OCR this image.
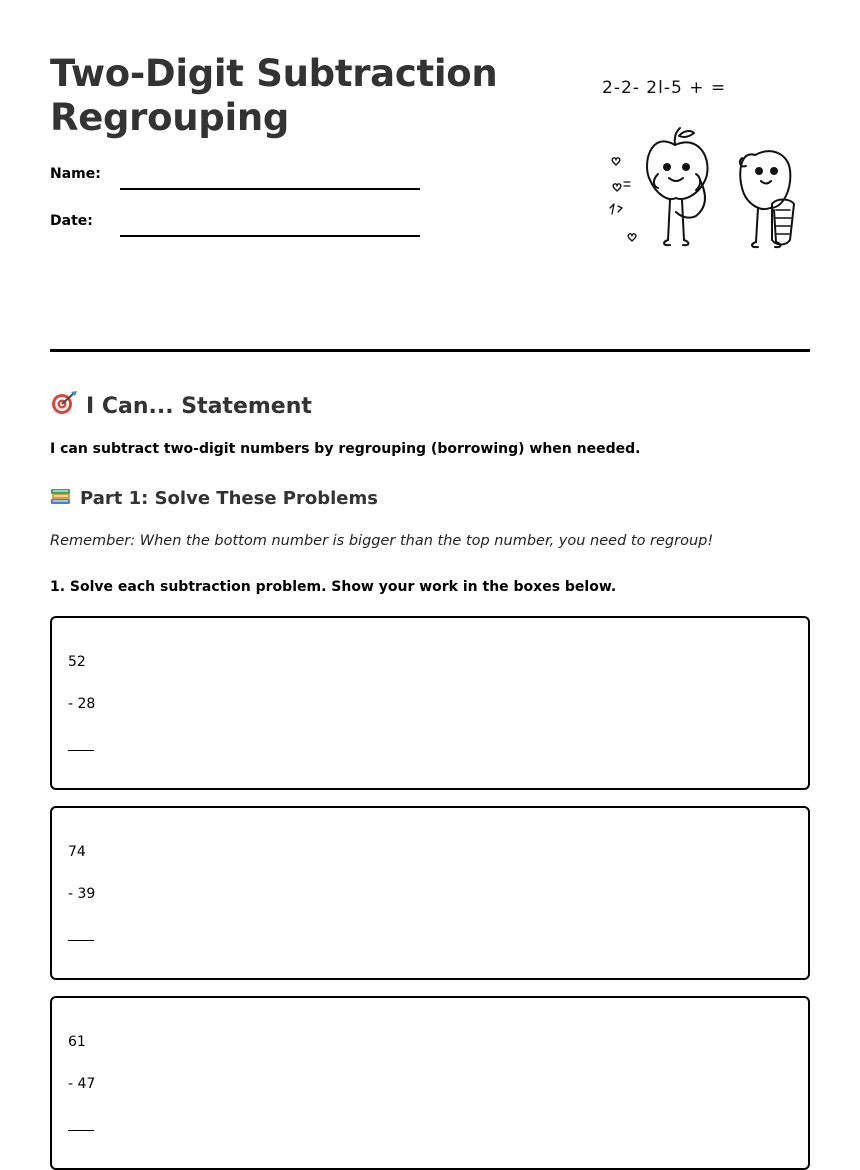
Two-Digit Subtraction
Regrouping
Name:
Date:
2-2- 2l-5 + =
I Can... Statement
I can subtract two-digit numbers by regrouping (borrowing) when needed.
Part 1: Solve These Problems
Remember: When the bottom number is bigger than the top number, you need to regroup!
1. Solve each subtraction problem. Show your work in the boxes below.
52
- 28
74
- 39
61
- 47
